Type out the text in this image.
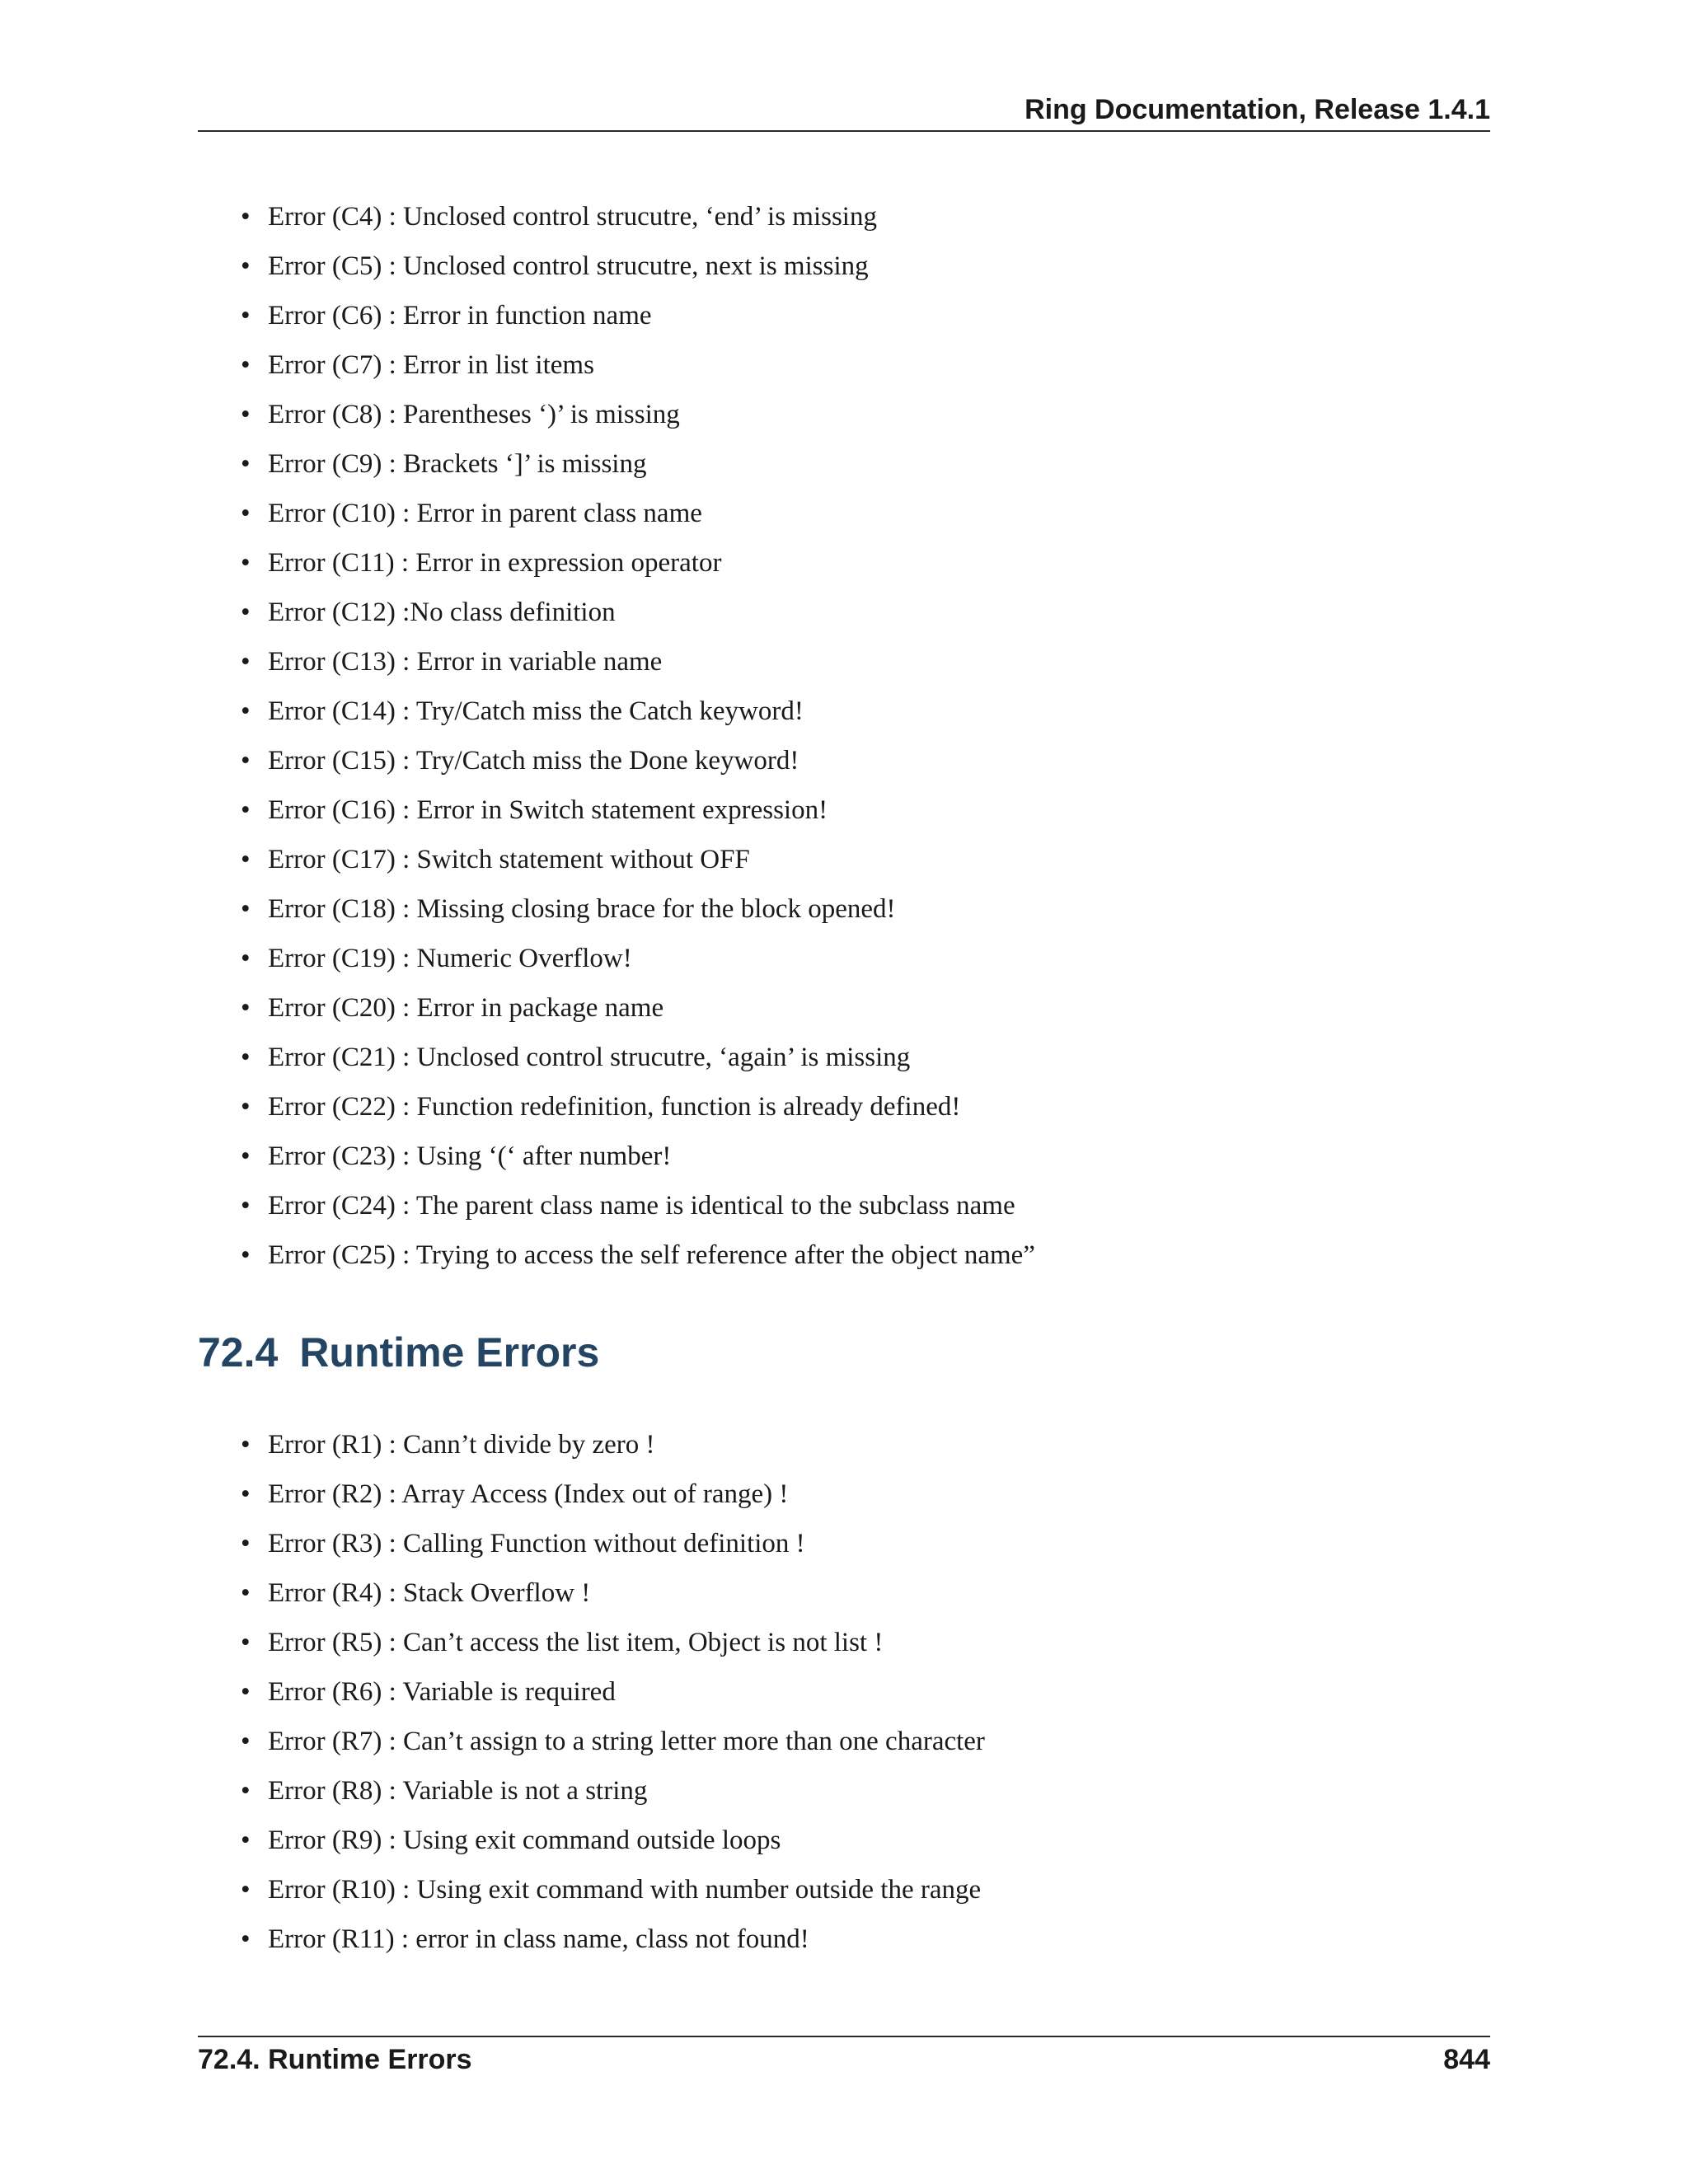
Ring Documentation, Release 1.4.1
• Error (C4) : Unclosed control strucutre, ‘end’ is missing
• Error (C5) : Unclosed control strucutre, next is missing
• Error (C6) : Error in function name
• Error (C7) : Error in list items
• Error (C8) : Parentheses ‘)’ is missing
• Error (C9) : Brackets ‘]’ is missing
• Error (C10) : Error in parent class name
• Error (C11) : Error in expression operator
• Error (C12) :No class definition
• Error (C13) : Error in variable name
• Error (C14) : Try/Catch miss the Catch keyword!
• Error (C15) : Try/Catch miss the Done keyword!
• Error (C16) : Error in Switch statement expression!
• Error (C17) : Switch statement without OFF
• Error (C18) : Missing closing brace for the block opened!
• Error (C19) : Numeric Overflow!
• Error (C20) : Error in package name
• Error (C21) : Unclosed control strucutre, ‘again’ is missing
• Error (C22) : Function redefinition, function is already defined!
• Error (C23) : Using ‘(‘ after number!
• Error (C24) : The parent class name is identical to the subclass name
• Error (C25) : Trying to access the self reference after the object name”
72.4 Runtime Errors
• Error (R1) : Cann’t divide by zero !
• Error (R2) : Array Access (Index out of range) !
• Error (R3) : Calling Function without definition !
• Error (R4) : Stack Overflow !
• Error (R5) : Can’t access the list item, Object is not list !
• Error (R6) : Variable is required
• Error (R7) : Can’t assign to a string letter more than one character
• Error (R8) : Variable is not a string
• Error (R9) : Using exit command outside loops
• Error (R10) : Using exit command with number outside the range
• Error (R11) : error in class name, class not found!
72.4. Runtime Errors	844
